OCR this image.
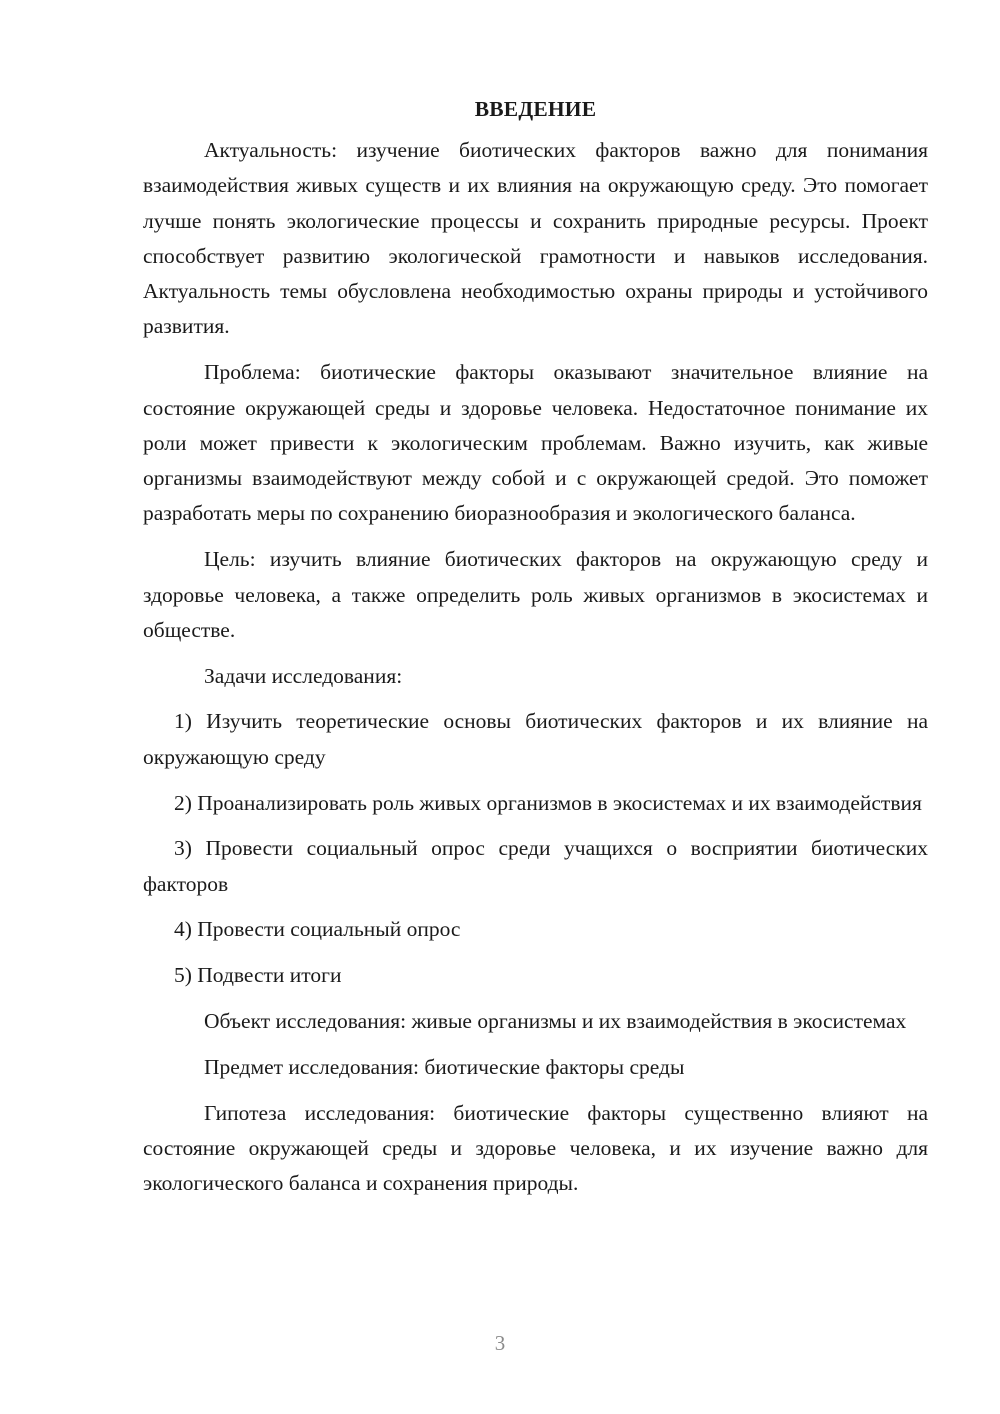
ВВЕДЕНИЕ

Актуальность: изучение биотических факторов важно для понимания взаимодействия живых существ и их влияния на окружающую среду. Это помогает лучше понять экологические процессы и сохранить природные ресурсы. Проект способствует развитию экологической грамотности и навыков исследования. Актуальность темы обусловлена необходимостью охраны природы и устойчивого развития.

Проблема: биотические факторы оказывают значительное влияние на состояние окружающей среды и здоровье человека. Недостаточное понимание их роли может привести к экологическим проблемам. Важно изучить, как живые организмы взаимодействуют между собой и с окружающей средой. Это поможет разработать меры по сохранению биоразнообразия и экологического баланса.

Цель: изучить влияние биотических факторов на окружающую среду и здоровье человека, а также определить роль живых организмов в экосистемах и обществе.

Задачи исследования:

1) Изучить теоретические основы биотических факторов и их влияние на окружающую среду

2) Проанализировать роль живых организмов в экосистемах и их взаимодействия

3) Провести социальный опрос среди учащихся о восприятии биотических факторов

4) Провести социальный опрос

5) Подвести итоги

Объект исследования: живые организмы и их взаимодействия в экосистемах

Предмет исследования: биотические факторы среды

Гипотеза исследования: биотические факторы существенно влияют на состояние окружающей среды и здоровье человека, и их изучение важно для экологического баланса и сохранения природы.

3
